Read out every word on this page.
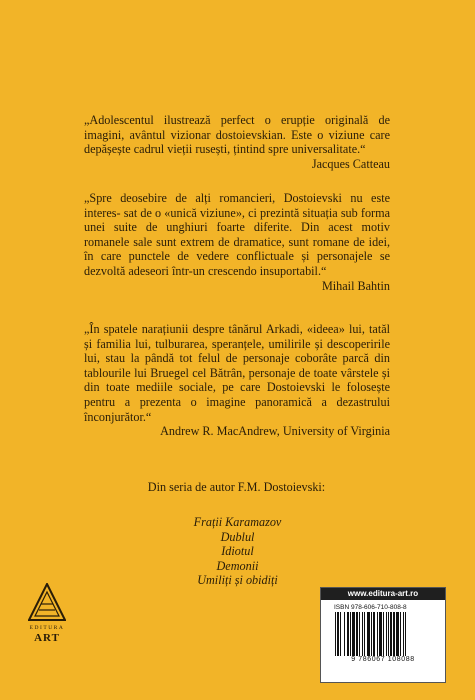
„Adolescentul ilustrează perfect o erupție originală de imagini, avântul vizionar dostoievskian. Este o viziune care depășește cadrul vieții rusești, țintind spre universalitate.“

Jacques Catteau

„Spre deosebire de alți romancieri, Dostoievski nu este interes- sat de o «unică viziune», ci prezintă situația sub forma unei suite de unghiuri foarte diferite. Din acest motiv romanele sale sunt extrem de dramatice, sunt romane de idei, în care punctele de vedere conflictuale și personajele se dezvoltă adeseori într-un crescendo insuportabil.“

Mihail Bahtin

„În spatele narațiunii despre tânărul Arkadi, «ideea» lui, tatăl și familia lui, tulburarea, speranțele, umilirile și descoperirile lui, stau la pândă tot felul de personaje coborâte parcă din tablourile lui Bruegel cel Bătrân, personaje de toate vârstele și din toate mediile sociale, pe care Dostoievski le folosește pentru a prezenta o imagine panoramică a dezastrului înconjurător.“

Andrew R. MacAndrew, University of Virginia
Din seria de autor F.M. Dostoievski:
Frații Karamazov
Dublul
Idiotul
Demonii
Umiliți și obidiți
EDITURA
ART
www.editura-art.ro
ISBN 978-606-710-808-8
9 786067 108088
